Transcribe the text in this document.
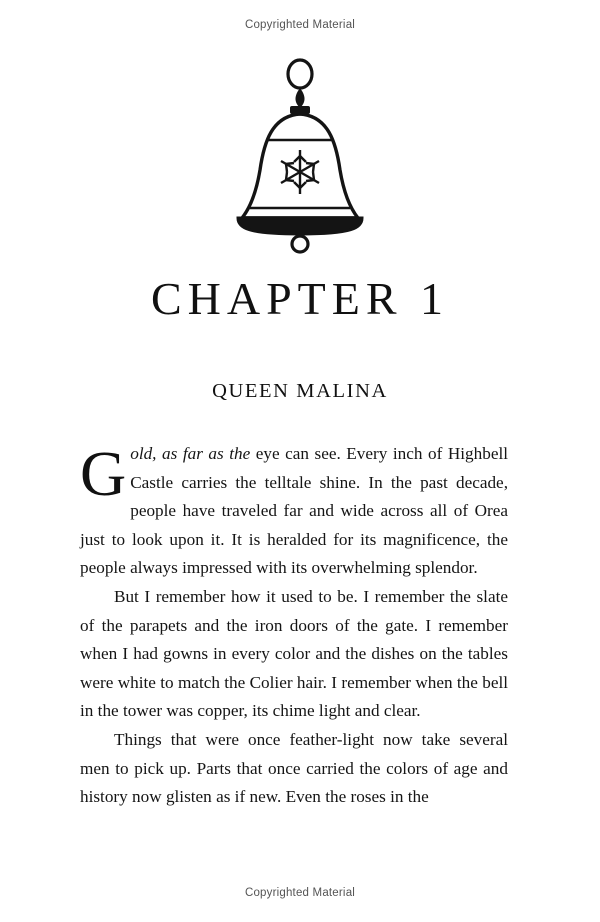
Copyrighted Material
CHAPTER 1
QUEEN MALINA

Gold, as far as the eye can see. Every inch of Highbell Castle carries the telltale shine. In the past decade, people have traveled far and wide across all of Orea just to look upon it. It is heralded for its magnificence, the people always impressed with its overwhelming splendor.

But I remember how it used to be. I remember the slate of the parapets and the iron doors of the gate. I remember when I had gowns in every color and the dishes on the tables were white to match the Colier hair. I remember when the bell in the tower was copper, its chime light and clear.

Things that were once feather-light now take several men to pick up. Parts that once carried the colors of age and history now glisten as if new. Even the roses in the

Copyrighted Material
